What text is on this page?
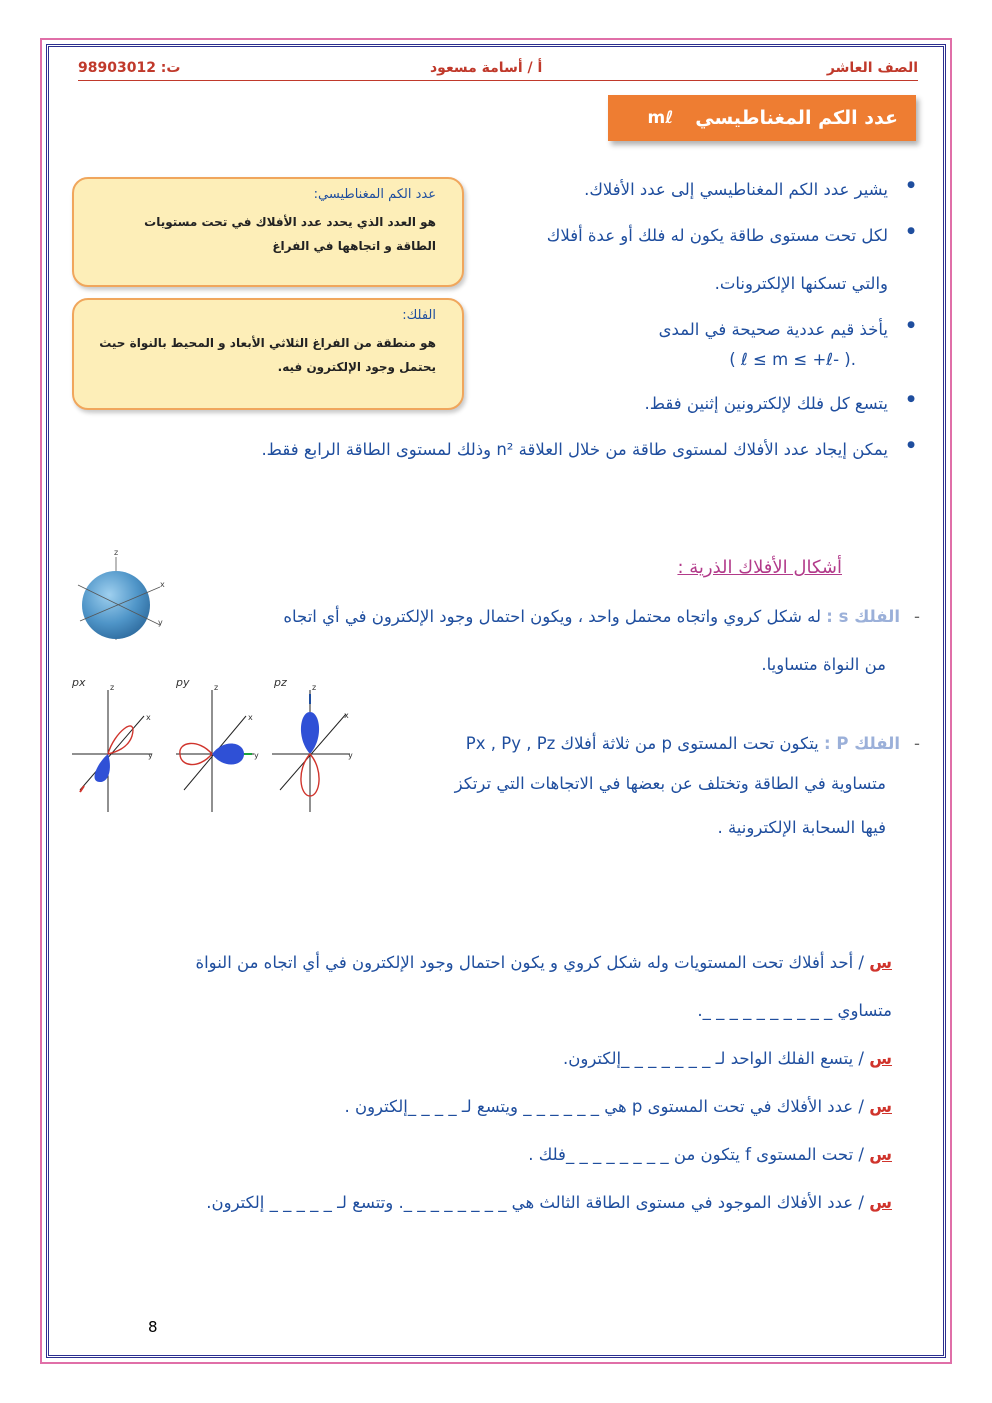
الصف العاشر
أ / أسامة مسعود
ت: 98903012
عدد الكم المغناطيسي
mℓ
● يشير عدد الكم المغناطيسي إلى عدد الأفلاك.
● لكل تحت مستوى طاقة يكون له فلك أو عدة أفلاك
والتي تسكنها الإلكترونات.
● يأخذ قيم عددية صحيحة في المدى
.( -ℓ ≤ m ≤ +ℓ )
● يتسع كل فلك لإلكترونين إثنين فقط.
● يمكن إيجاد عدد الأفلاك لمستوى طاقة من خلال العلاقة n² وذلك لمستوى الطاقة الرابع فقط.
عدد الكم المغناطيسي:
هو العدد الذي يحدد عدد الأفلاك في تحت مستويات
الطاقة و اتجاهها في الفراغ
الفلك:
هو منطقة من الفراغ الثلاثي الأبعاد و المحيط بالنواة حيث
يحتمل وجود الإلكترون فيه.
أشكال الأفلاك الذرية :
-الفلك s : له شكل كروي واتجاه محتمل واحد ، ويكون احتمال وجود الإلكترون في أي اتجاه
من النواة متساويا.
z
x
y
px	z
x
y
py	z
x
y
pz	z
x
y
-الفلك P : يتكون تحت المستوى p من ثلاثة أفلاك Px , Py , Pz
متساوية في الطاقة وتختلف عن بعضها في الاتجاهات التي ترتكز
فيها السحابة الإلكترونية .
س / أحد أفلاك تحت المستويات وله شكل كروي و يكون احتمال وجود الإلكترون في أي اتجاه من النواة
متساوي _ _ _ _ _ _ _ _ _ _.
س / يتسع الفلك الواحد لـ _ _ _ _ _ _ _إلكترون.
س / عدد الأفلاك في تحت المستوى p هي _ _ _ _ _ _ ويتسع لـ _ _ _ _إلكترون .
س / تحت المستوى f يتكون من _ _ _ _ _ _ _ _فلك .
س / عدد الأفلاك الموجود في مستوى الطاقة الثالث هي _ _ _ _ _ _ _ _. وتتسع لـ _ _ _ _ _ إلكترون.
8
